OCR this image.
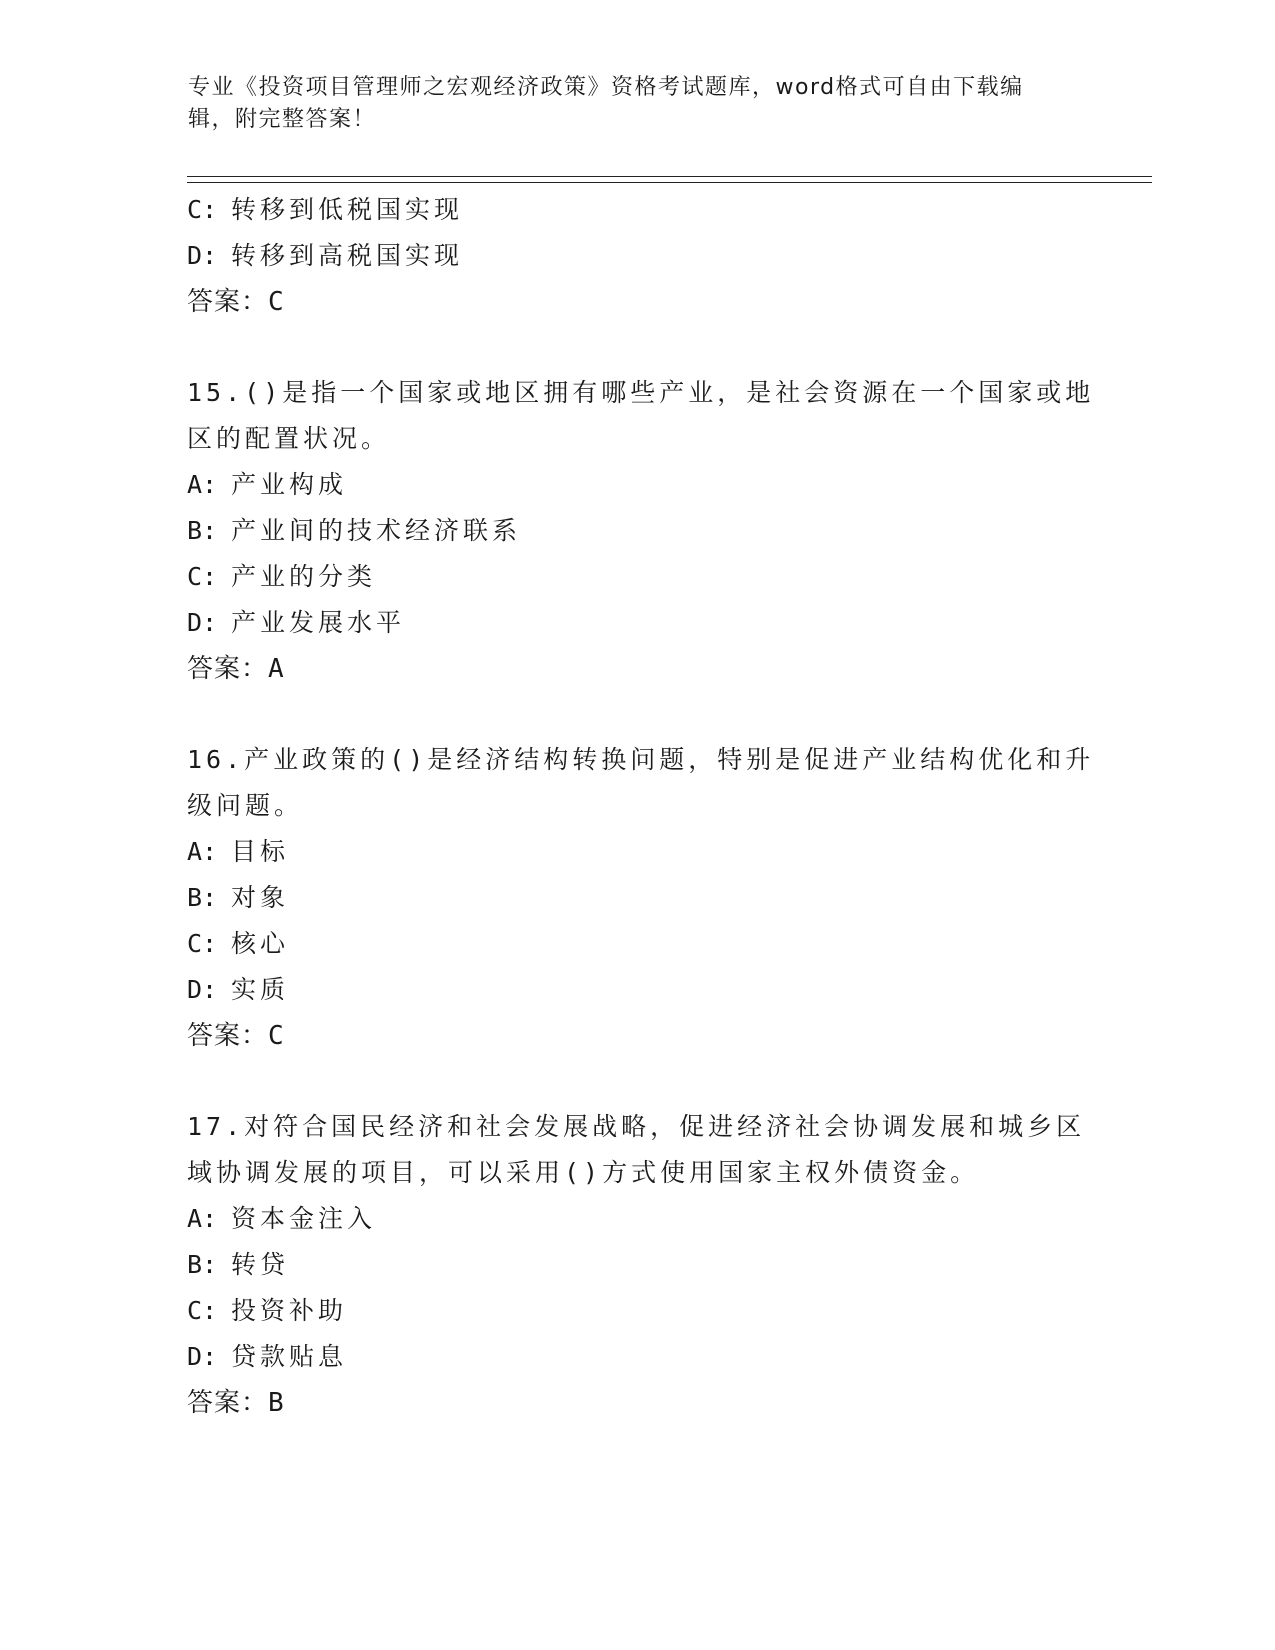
专业《投资项目管理师之宏观经济政策》资格考试题库，word格式可自由下载编
辑，附完整答案！
C: 转移到低税国实现
D: 转移到高税国实现
答案：C
15.()是指一个国家或地区拥有哪些产业，是社会资源在一个国家或地
区的配置状况。
A: 产业构成
B: 产业间的技术经济联系
C: 产业的分类
D: 产业发展水平
答案：A
16.产业政策的()是经济结构转换问题，特别是促进产业结构优化和升
级问题。
A: 目标
B: 对象
C: 核心
D: 实质
答案：C
17.对符合国民经济和社会发展战略，促进经济社会协调发展和城乡区
域协调发展的项目，可以采用()方式使用国家主权外债资金。
A: 资本金注入
B: 转贷
C: 投资补助
D: 贷款贴息
答案：B
